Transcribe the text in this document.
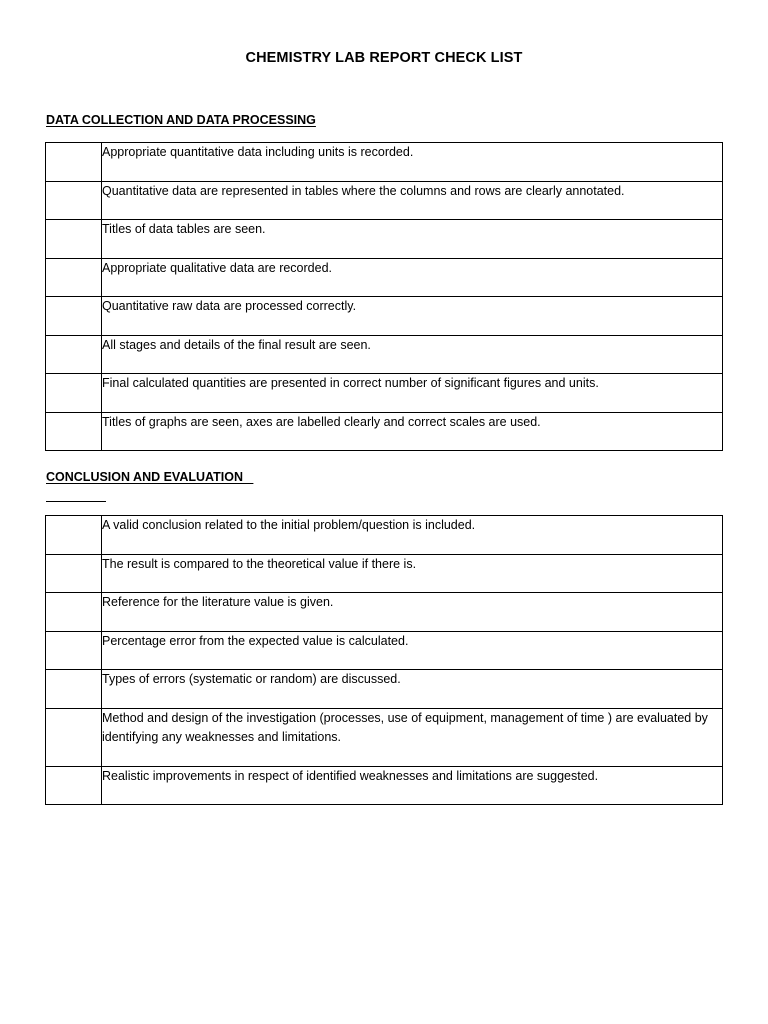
CHEMISTRY LAB REPORT CHECK LIST
DATA COLLECTION AND DATA PROCESSING
	Appropriate quantitative data including units is recorded.
	Quantitative data are represented in tables where the columns and rows are clearly annotated.
	Titles of data tables are seen.
	Appropriate qualitative data are recorded.
	Quantitative raw data are processed correctly.
	All stages and details of the final result are seen.
	Final calculated quantities are presented in correct number of significant figures and units.
	Titles of graphs are seen, axes are labelled clearly and correct scales are used.
CONCLUSION AND EVALUATION
	A valid conclusion related to the initial problem/question is included.
	The result is compared to the theoretical value if there is.
	Reference for the literature value is given.
	Percentage error from the expected value is calculated.
	Types of errors (systematic or random) are discussed.
	Method and design of the investigation (processes, use of equipment, management of time ) are evaluated by identifying any weaknesses and limitations.
	Realistic improvements in respect of identified weaknesses and limitations are suggested.
